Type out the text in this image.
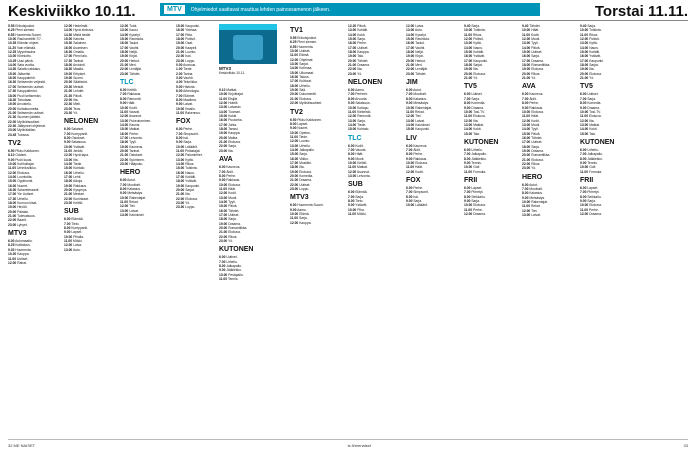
Keskiviikko 10.11.	MTV	Ohjelmiedot saattavat muuttua lehden painossamenon jälkeen.	Torstai 11.11.
5.55 Erikoisjoukot.
6.25 Pieni siemen.
6.55 Huomenta Suomi.
10.00 Rauhaneliitti 7/7.
10.35 Elämän ohjeet.
11.20 Vain elämää.
12.25 Myyntirauha.
13.00 Kiinniotto.
13.25 Uusi päivä.
14.00 Sata vuotta.
14.30 Salattu rakkaus.
15.00 Jääveitsi.
16.00 Kauppalehti.
16.30 Seitsemän veljestä.
17.00 Seitsemän uutiset.
17.30 Kauppatiedot.
18.00 Puoli seitsemän.
18.30 Toivotaan.
19.00 Arvostelu.
20.00 Kultakuumetta.
21.00 Seitsemän uutiset.
21.30 Suomen jäätelö.
22.00 Myöhäisuutiset.
22.30 Jäätyneet ohjelmat.
23.00 Myöhäisillan.
23.45 Tulossa.
TV2
6.50 Pikku Kakkonen.
8.10 Oddset.
9.00 Puoli kuusi.
10.00 Kotihoitajat.
11.00 Urheiluviikko.
12.00 Elokuva.
14.00 Luontoilta.
15.00 Oppitunnit.
16.00 Nuoret.
16.30 Sotaveteraanit.
17.00 Yle Uutiset.
17.30 Urheilu.
18.00 Kunnon kisat.
19.00 Hirviöt.
20.00 Palstan.
21.00 Tulevaisuus.
22.00 Baarit.
23.00 Lyhyet.
MTV3
6.00 Automaatio.
8.25 Kotitalous.
9.30 Huomenta.
10.20 Kauppa.
11.00 Uutiset.
12.00 Rahat.
12.00 Hedelmät.
14.00 Hyvä elokuva.
14.30 Mistä tiedät.
15.00 Kahvila.
15.30 Salainen.
16.00 Asumisen.
16.30 Omalla.
17.00 Pieni talo.
17.30 Tarinat.
18.00 Arviointi.
18.30 Maalla.
19.00 Erityiset.
19.30 Suomi.
20.00 Säätiedot.
20.30 Metsät.
21.00 Lehdet.
21.30 Päivä.
22.00 Ilta.
22.30 Mieli.
23.00 Teos.
23.30 Yö.
NELONEN
6.00 Salaiset.
7.00 Kumppanit.
8.00 Ostokset.
9.00 Salaisuus.
10.00 Ystävät.
11.00 Jenkki.
12.00 Hyvä tapa.
13.00 Ilta.
14.00 Tiede.
15.00 Kohtalo.
16.00 Urheilu.
17.00 Lehti.
18.00 Aikoja.
19.00 Rakkaus.
20.00 Kysymys.
21.00 Mestari.
22.00 Kuninkaat.
23.00 Keittiö.
SUB
6.00 Elämää.
7.00 Tieto.
8.00 Kumppanit.
9.00 Lapset.
10.00 Pihalla.
11.00 Mökki.
12.00 Laiva.
13.00 Auto.
12.00 Tulot.
13.00 Kausi.
14.00 Kyselyt.
15.00 Ravintola.
16.00 Taulut.
17.00 Vauhti.
18.00 Neljä.
19.00 Kirjat.
20.00 Herkut.
21.00 Meri.
22.00 Lentäjät.
23.00 Tähdet.
TLC
6.00 Keittiö.
7.00 Rakkaus.
8.00 Remontti.
9.00 Häät.
10.00 Kodit.
11.00 Vauvat.
12.00 Asunnot.
13.00 Pukeutuminen.
14.00 Kaunis.
15.00 Matkat.
16.00 Perhe.
17.00 Leivonta.
18.00 Tyyli.
19.00 Kauneus.
20.00 Tarinat.
21.00 Ostokset.
22.00 Syöminen.
23.00 Hääpuku.
HERO
6.00 Autot.
7.00 Moottorit.
8.00 Kalastus.
9.00 Metsästys.
10.00 Rakentajat.
11.00 Rekat.
12.00 Tiet.
13.00 Laivat.
14.00 Kaivokset.
15.00 Kaupunki.
16.00 Ylämaa.
17.00 Riita.
18.00 Poliisit.
19.00 Osat.
20.00 Kaapeli.
21.00 Luonto.
22.00 Isot.
23.00 Loppu.
0.00 Avaruus.
1.00 Tiede.
2.00 Tarina.
3.00 Vauhti.
4.00 Tekniikka.
5.00 Historia.
6.00 Arkeologia.
7.00 Eläimet.
8.00 Maailma.
9.00 Laivat.
10.00 Ilmailu.
11.00 Rakennus.
FOX
6.00 Perhe.
7.00 Simpsonit.
8.00 Isä.
9.00 Sarja.
10.00 Lääkärit.
11.00 Pelastajat.
12.00 Palomiehet.
13.00 Kyttä.
14.00 Rikos.
15.00 Tutkinta.
16.00 Nauru.
17.00 Kotiäiti.
18.00 Ystävät.
19.00 Kaupunki.
20.00 Sarjat.
21.00 Ilta.
22.00 Elokuva.
23.00 Yö.
23.30 Loppu.
9.10 Matkat.
10.00 Kirjoittajat.
11.00 Etsijät.
12.00 Hotelli.
13.00 Laivasto.
14.00 Tuomari.
15.00 Kokki.
16.00 Puutarha.
17.00 Juhla.
18.00 Tanssi.
19.00 Kauppa.
20.00 Matka.
21.00 Elokuva.
22.00 Sarja.
23.00 Ilta.
AVA
6.00 Kauneus.
7.00 Äidit.
8.00 Perhe.
9.00 Rakkaus.
10.00 Elokuva.
11.00 Häät.
12.00 Kodit.
13.00 Muoti.
14.00 Tyyli.
15.00 Päivä.
16.00 Tähdet.
17.00 Uutiset.
18.00 Sarja.
19.00 Draama.
20.00 Romantiikka.
21.00 Elokuva.
22.00 Rikos.
23.00 Yö.
KUTONEN
6.00 Uutiset.
7.00 Urheilu.
8.00 Jalkapallo.
9.00 Jääkiekko.
10.00 Pesäpallo.
11.00 Tennis.
TV1
5.55 Erikoisjoukot.
6.25 Pieni siemen.
6.55 Huomenta.
10.00 Uutiset.
11.00 Elämä.
12.00 Ohjelmat.
13.00 Sarjat.
14.00 Kotimaa.
15.00 Ulkomaat.
16.00 Talous.
17.00 Kulttuuri.
18.00 Urheilu.
19.00 Sää.
20.00 Dokumentti.
21.00 Elokuva.
22.00 Myöhäisuutiset.
TV2
6.50 Pikku Kakkonen.
8.00 Lapset.
9.00 Nuoret.
10.00 Opetus.
11.00 Tiede.
12.00 Luonto.
13.00 Urheilu.
14.00 Jalkapallo.
15.00 Sarja.
16.00 Viikko.
17.00 Musiikki.
18.00 Ilta.
19.00 Elokuva.
20.00 Komedia.
21.00 Draama.
22.00 Uutiset.
23.00 Loppu.
MTV3
6.00 Huomenta Suomi.
9.00 Aamu.
10.00 Elämä.
11.00 Sarja.
12.00 Kauppa.
12.20 Päivä.
13.00 Kotiäiti.
14.00 Kokit.
15.00 Sarja.
16.00 Perhe.
17.00 Uutiset.
18.00 Kauppa.
19.00 Talo.
20.00 Tähdet.
21.00 Draama.
22.00 Ilta.
23.00 Yö.
NELONEN
6.00 Aamu.
7.00 Perheet.
8.00 Arvonta.
9.00 Salaisuus.
10.00 Kotiapu.
11.00 Kiinteistö.
12.00 Remontti.
13.00 Sarja.
14.00 Tiede.
15.00 Kohtalo.
TLC
6.00 Kodit.
7.00 Vauvat.
8.00 Häät.
9.00 Muoti.
10.00 Keittiö.
11.00 Matkat.
12.00 Asunnot.
13.00 Leivonta.
SUB
6.00 Elämää.
7.00 Sarja.
8.00 Tieto.
9.00 Ystävät.
10.00 Piha.
11.00 Mökki.
12.00 Laiva.
13.00 Auto.
14.00 Kyselyt.
15.00 Ravintola.
16.00 Taulut.
17.00 Vauhti.
18.00 Neljä.
19.00 Kirjat.
20.00 Herkut.
21.00 Meri.
22.00 Lentäjät.
23.00 Tähdet.
JIM
6.00 Autot.
7.00 Moottorit.
8.00 Kalastus.
9.00 Metsästys.
10.00 Rakentajat.
11.00 Rekat.
12.00 Tiet.
13.00 Laivat.
14.00 Kaivokset.
15.00 Kaupunki.
LIV
6.00 Kauneus.
7.00 Äidit.
8.00 Perhe.
9.00 Rakkaus.
10.00 Elokuva.
11.00 Häät.
12.00 Kodit.
FOX
6.00 Perhe.
7.00 Simpsonit.
8.00 Isä.
9.00 Sarja.
10.00 Lääkärit.
9.40 Sarja.
10.00 Tutkinta.
11.00 Rikos.
12.00 Poliisit.
13.00 Kyttä.
14.00 Nauru.
15.00 Kotiäiti.
16.00 Ystävät.
17.00 Kaupunki.
18.00 Sarjat.
19.00 Ilta.
20.00 Elokuva.
21.00 Yö.
TV5
6.00 Uutiset.
7.00 Sarja.
8.00 Komedia.
9.00 Draama.
10.00 Tosi-TV.
11.00 Elokuva.
12.00 Ilta.
13.00 Matkat.
14.00 Kokit.
15.00 Talo.
KUTONEN
6.00 Urheilu.
7.00 Jalkapallo.
8.00 Jääkiekko.
9.00 Tennis.
10.00 Golf.
11.00 Formula.
FRII
6.00 Lapset.
7.00 Piirretyt.
8.00 Seikkailu.
9.00 Sarja.
10.00 Elokuva.
11.00 Perhe.
12.00 Draama.
9.40 Tähdet.
10.00 Häät.
11.00 Kodit.
12.00 Muoti.
13.00 Tyyli.
14.00 Päivä.
15.00 Uutiset.
16.00 Sarja.
17.00 Draama.
18.00 Romantiikka.
19.00 Elokuva.
20.00 Rikos.
21.00 Yö.
AVA
6.00 Kauneus.
7.00 Äidit.
8.00 Perhe.
9.00 Rakkaus.
10.00 Elokuva.
11.00 Häät.
12.00 Kodit.
13.00 Muoti.
14.00 Tyyli.
15.00 Päivä.
16.00 Tähdet.
17.00 Uutiset.
18.00 Sarja.
19.00 Draama.
20.00 Romantiikka.
21.00 Elokuva.
22.00 Rikos.
23.00 Yö.
HERO
6.00 Autot.
7.00 Moottorit.
8.00 Kalastus.
9.00 Metsästys.
10.00 Rakentajat.
11.00 Rekat.
12.00 Tiet.
13.00 Laivat.
9.40 Sarja.
10.00 Tutkinta.
11.00 Rikos.
12.00 Poliisit.
13.00 Kyttä.
14.00 Nauru.
15.00 Kotiäiti.
16.00 Ystävät.
17.00 Kaupunki.
18.00 Sarjat.
19.00 Ilta.
20.00 Elokuva.
21.00 Yö.
TV5
6.00 Uutiset.
7.00 Sarja.
8.00 Komedia.
9.00 Draama.
10.00 Tosi-TV.
11.00 Elokuva.
12.00 Ilta.
13.00 Matkat.
14.00 Kokit.
15.00 Talo.
KUTONEN
6.00 Urheilu.
7.00 Jalkapallo.
8.00 Jääkiekko.
9.00 Tennis.
10.00 Golf.
11.00 Formula.
FRII
6.00 Lapset.
7.00 Piirretyt.
8.00 Seikkailu.
9.00 Sarja.
10.00 Elokuva.
11.00 Perhe.
12.00 Draama.
MTV3
Keskiviikko 10.11.
32 ME NAISET	is.fi/menaiset	33
